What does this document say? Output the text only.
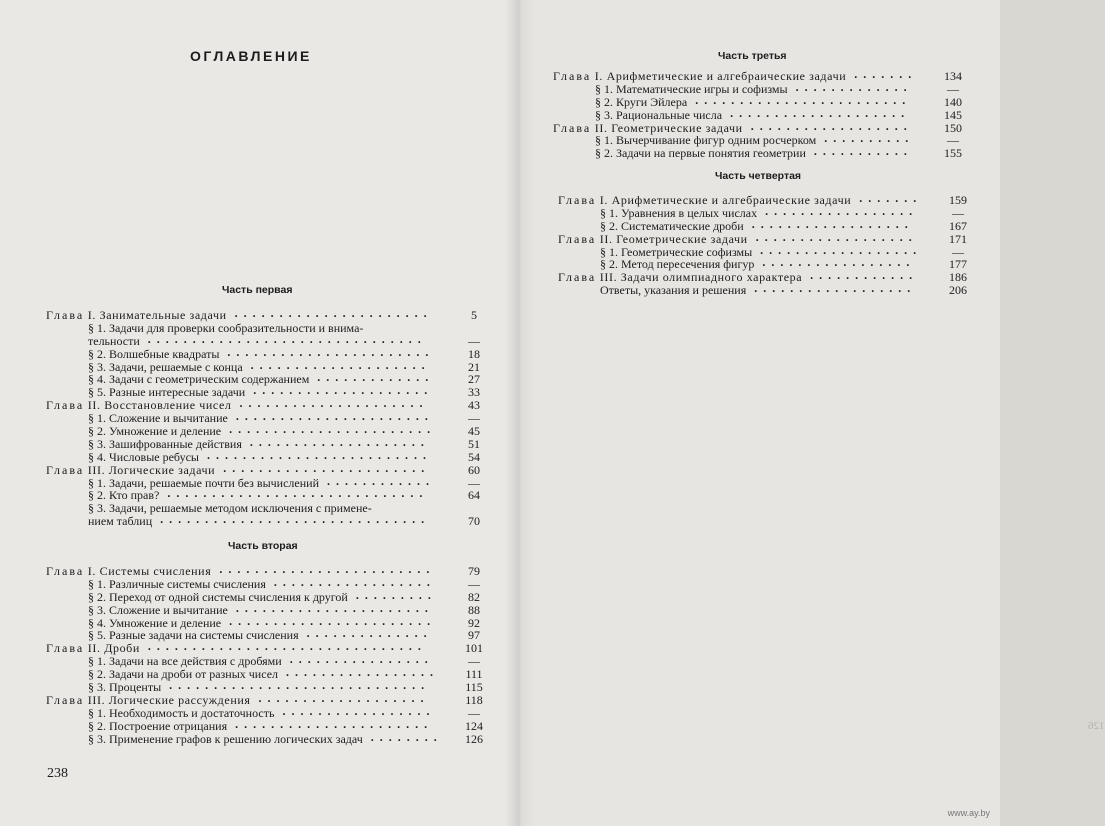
ОГЛАВЛЕНИЕ
Часть первая
Глава I. Занимательные задачи	5
......................
§ 1. Задачи для проверки сообразительности и внима-
тельности	—
...............................
§ 2. Волшебные квадраты	18
.......................
§ 3. Задачи, решаемые с конца	21
....................
§ 4. Задачи с геометрическим содержанием	27
.............
§ 5. Разные интересные задачи	33
....................
Глава II. Восстановление чисел	43
.....................
§ 1. Сложение и вычитание	—
......................
§ 2. Умножение и деление	45
.......................
§ 3. Зашифрованные действия	51
....................
§ 4. Числовые ребусы	54
.........................
Глава III. Логические задачи	60
.......................
§ 1. Задачи, решаемые почти без вычислений	—
............
§ 2. Кто прав?	64
.............................
§ 3. Задачи, решаемые методом исключения с примене-
нием таблиц	70
..............................
Часть вторая
Глава I. Системы счисления	79
........................
§ 1. Различные системы счисления	—
..................
§ 2. Переход от одной системы счисления к другой	82
.........
§ 3. Сложение и вычитание	88
......................
§ 4. Умножение и деление	92
.......................
§ 5. Разные задачи на системы счисления	97
..............
Глава II. Дроби	101
...............................
§ 1. Задачи на все действия с дробями	—
................
§ 2. Задачи на дроби от разных чисел	111
.................
§ 3. Проценты	115
.............................
Глава III. Логические рассуждения	118
...................
§ 1. Необходимость и достаточность	—
.................
§ 2. Построение отрицания	124
......................
§ 3. Применение графов к решению логических задач	126
........
238
Часть третья
Глава I. Арифметические и алгебраические задачи	134
.......
§ 1. Математические игры и софизмы	—
.............
§ 2. Круги Эйлера	140
........................
§ 3. Рациональные числа	145
....................
Глава II. Геометрические задачи	150
..................
§ 1. Вычерчивание фигур одним росчерком	—
..........
§ 2. Задачи на первые понятия геометрии	155
...........
Часть четвертая
Глава I. Арифметические и алгебраические задачи	159
.......
§ 1. Уравнения в целых числах	—
.................
§ 2. Систематические дроби	167
..................
Глава II. Геометрические задачи	171
..................
§ 1. Геометрические софизмы	—
..................
§ 2. Метод пересечения фигур	177
.................
Глава III. Задачи олимпиадного характера	186
............
Ответы, указания и решения	206
..................
126
www.ay.by
